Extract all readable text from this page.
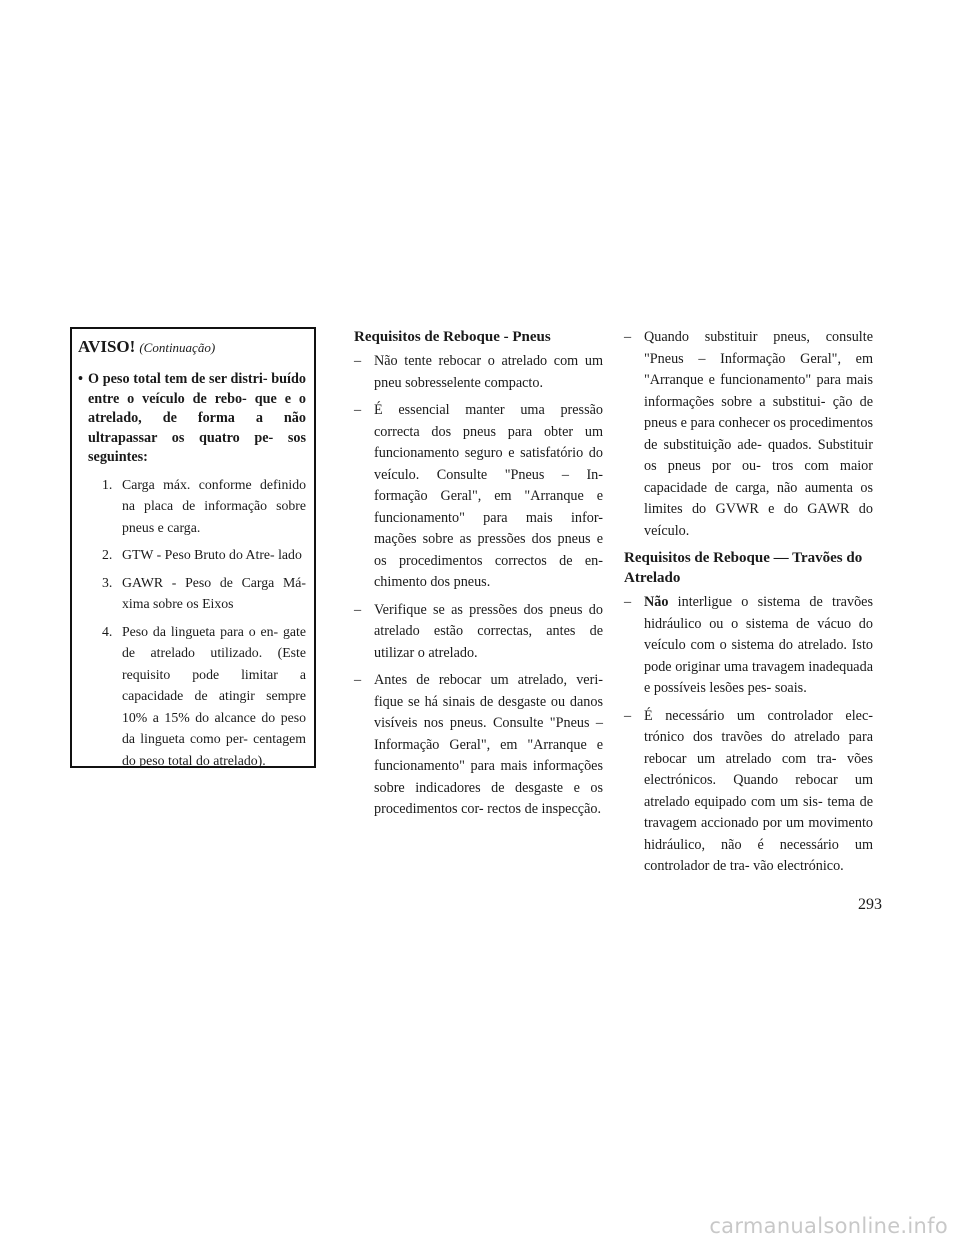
AVISO! (Continuação)
• O peso total tem de ser distri- buído entre o veículo de rebo- que e o atrelado, de forma a não ultrapassar os quatro pe- sos seguintes:
1. Carga máx. conforme definido na placa de informação sobre pneus e carga.
2. GTW - Peso Bruto do Atre- lado
3. GAWR - Peso de Carga Má- xima sobre os Eixos
4. Peso da lingueta para o en- gate de atrelado utilizado. (Este requisito pode limitar a capacidade de atingir sempre 10% a 15% do alcance do peso da lingueta como per- centagem do peso total do atrelado).
Requisitos de Reboque - Pneus
– Não tente rebocar o atrelado com um pneu sobresselente compacto.
– É essencial manter uma pressão correcta dos pneus para obter um funcionamento seguro e satisfatório do veículo. Consulte "Pneus – In- formação Geral", em "Arranque e funcionamento" para mais infor- mações sobre as pressões dos pneus e os procedimentos correctos de en- chimento dos pneus.
– Verifique se as pressões dos pneus do atrelado estão correctas, antes de utilizar o atrelado.
– Antes de rebocar um atrelado, veri- fique se há sinais de desgaste ou danos visíveis nos pneus. Consulte "Pneus – Informação Geral", em "Arranque e funcionamento" para mais informações sobre indicadores de desgaste e os procedimentos cor- rectos de inspecção.
– Quando substituir pneus, consulte "Pneus – Informação Geral", em "Arranque e funcionamento" para mais informações sobre a substitui- ção de pneus e para conhecer os procedimentos de substituição ade- quados. Substituir os pneus por ou- tros com maior capacidade de carga, não aumenta os limites do GVWR e do GAWR do veículo.
Requisitos de Reboque — Travões do Atrelado
– Não interligue o sistema de travões hidráulico ou o sistema de vácuo do veículo com o sistema do atrelado. Isto pode originar uma travagem inadequada e possíveis lesões pes- soais.
– É necessário um controlador elec- trónico dos travões do atrelado para rebocar um atrelado com tra- vões electrónicos. Quando rebocar um atrelado equipado com um sis- tema de travagem accionado por um movimento hidráulico, não é necessário um controlador de tra- vão electrónico.
293
carmanualsonline.info
